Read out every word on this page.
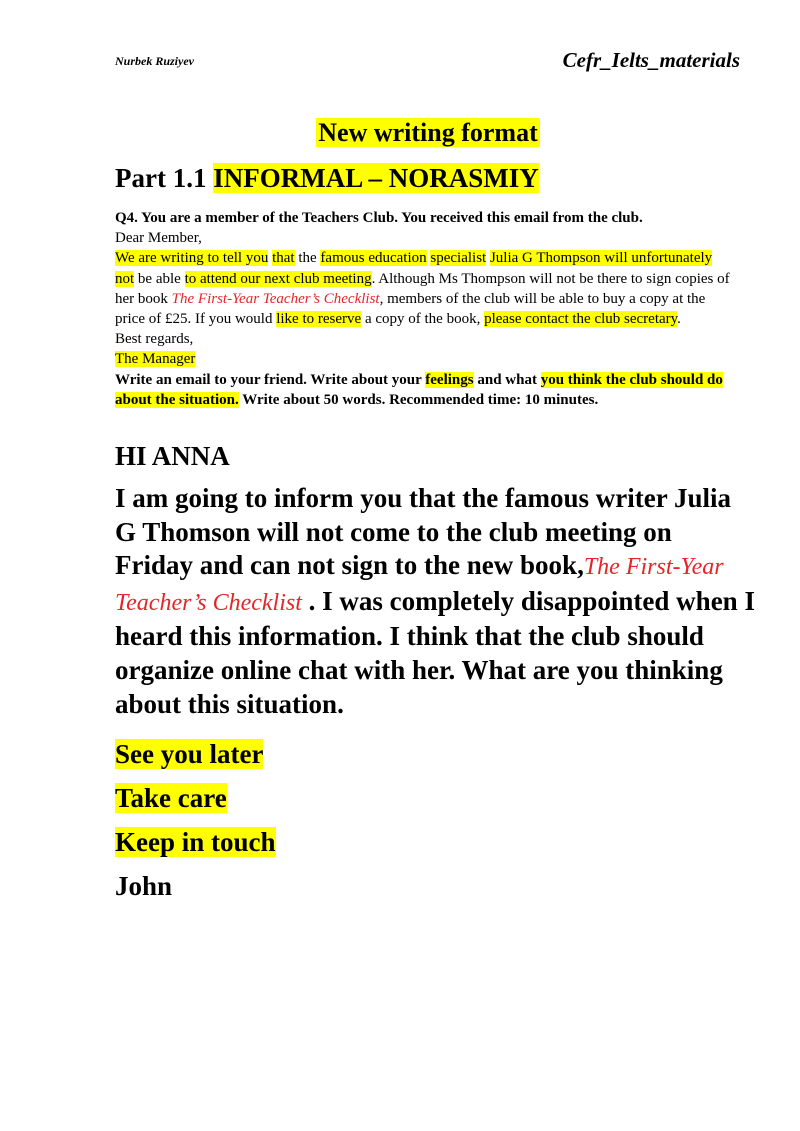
Nurbek Ruziyev	Cefr_Ielts_materials
New writing format
Part 1.1 INFORMAL – NORASMIY

Q4. You are a member of the Teachers Club. You received this email from the club.

Dear Member,

We are writing to tell you that the famous education specialist Julia G Thompson will unfortunately not be able to attend our next club meeting. Although Ms Thompson will not be there to sign copies of her book The First-Year Teacher’s Checklist, members of the club will be able to buy a copy at the price of £25. If you would like to reserve a copy of the book, please contact the club secretary.

Best regards,

The Manager

Write an email to your friend. Write about your feelings and what you think the club should do about the situation. Write about 50 words. Recommended time: 10 minutes.

HI ANNA
I am going to inform you that the famous writer Julia G Thomson will not come to the club meeting on Friday and can not sign to the new book,The First-Year Teacher’s Checklist . I was completely disappointed when I heard this information. I think that the club should organize online chat with her. What are you thinking about this situation.
See you later
Take care
Keep in touch
John
